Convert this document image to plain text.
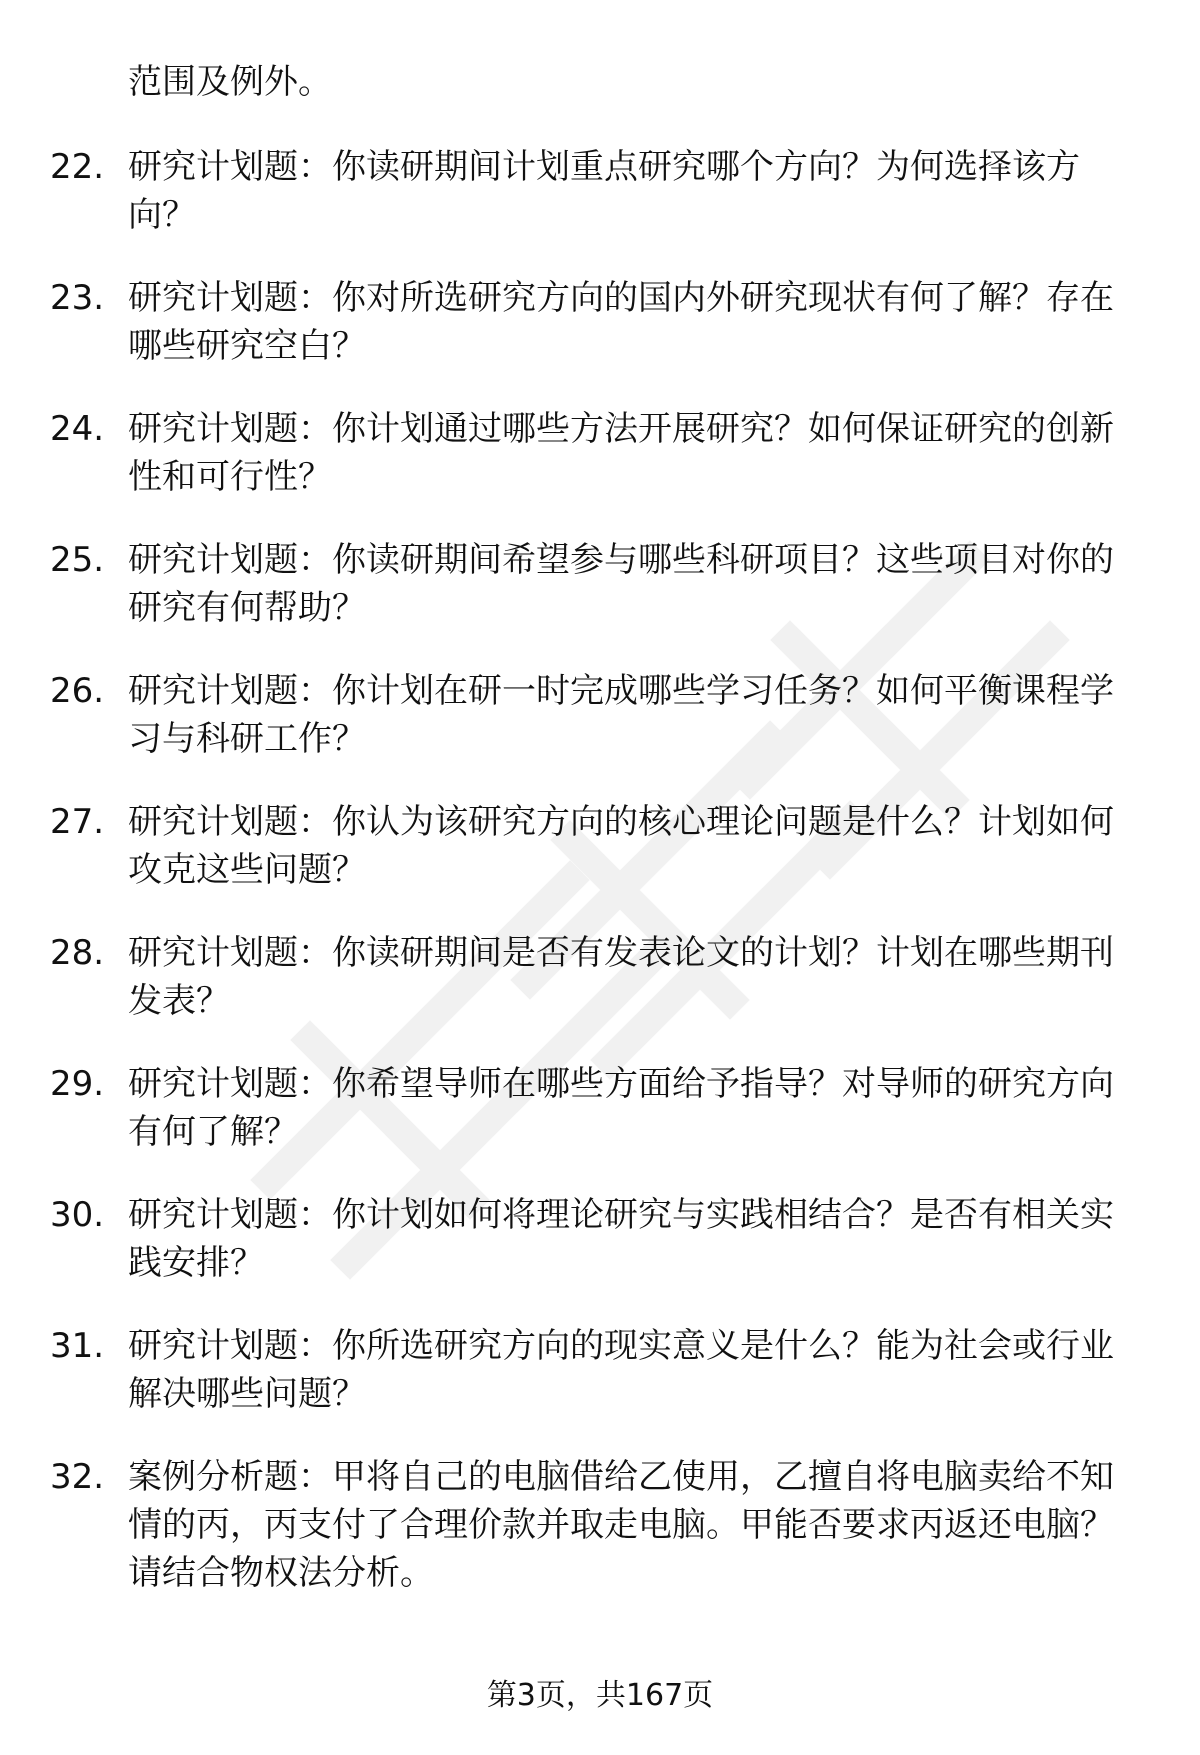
范围及例外。
22. 研究计划题：你读研期间计划重点研究哪个方向？为何选择该方向？
23. 研究计划题：你对所选研究方向的国内外研究现状有何了解？存在哪些研究空白？
24. 研究计划题：你计划通过哪些方法开展研究？如何保证研究的创新性和可行性？
25. 研究计划题：你读研期间希望参与哪些科研项目？这些项目对你的研究有何帮助？
26. 研究计划题：你计划在研一时完成哪些学习任务？如何平衡课程学习与科研工作？
27. 研究计划题：你认为该研究方向的核心理论问题是什么？计划如何攻克这些问题？
28. 研究计划题：你读研期间是否有发表论文的计划？计划在哪些期刊发表？
29. 研究计划题：你希望导师在哪些方面给予指导？对导师的研究方向有何了解？
30. 研究计划题：你计划如何将理论研究与实践相结合？是否有相关实践安排？
31. 研究计划题：你所选研究方向的现实意义是什么？能为社会或行业解决哪些问题？
32. 案例分析题：甲将自己的电脑借给乙使用，乙擅自将电脑卖给不知情的丙，丙支付了合理价款并取走电脑。甲能否要求丙返还电脑？请结合物权法分析。
第3页，共167页
